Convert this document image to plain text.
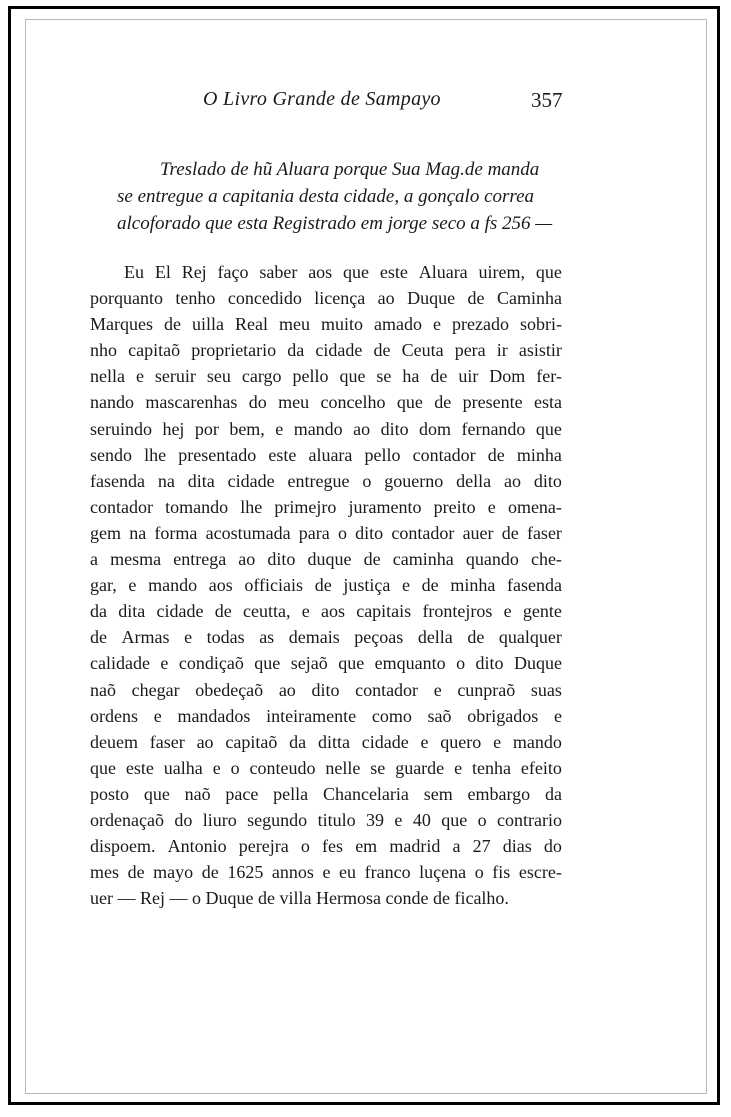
O Livro Grande de Sampayo	357
Treslado de hũ Aluara porque Sua Mag.de manda
se entregue a capitania desta cidade, a gonçalo correa
alcoforado que esta Registrado em jorge seco a fs 256 —
Eu El Rej faço saber aos que este Aluara uirem, que
porquanto tenho concedido licença ao Duque de Caminha
Marques de uilla Real meu muito amado e prezado sobri-
nho capitaõ proprietario da cidade de Ceuta pera ir asistir
nella e seruir seu cargo pello que se ha de uir Dom fer-
nando mascarenhas do meu concelho que de presente esta
seruindo hej por bem, e mando ao dito dom fernando que
sendo lhe presentado este aluara pello contador de minha
fasenda na dita cidade entregue o gouerno della ao dito
contador tomando lhe primejro juramento preito e omena-
gem na forma acostumada para o dito contador auer de faser
a mesma entrega ao dito duque de caminha quando che-
gar, e mando aos officiais de justiça e de minha fasenda
da dita cidade de ceutta, e aos capitais frontejros e gente
de Armas e todas as demais peçoas della de qualquer
calidade e condiçaõ que sejaõ que emquanto o dito Duque
naõ chegar obedeçaõ ao dito contador e cunpraõ suas
ordens e mandados inteiramente como saõ obrigados e
deuem faser ao capitaõ da ditta cidade e quero e mando
que este ualha e o conteudo nelle se guarde e tenha efeito
posto que naõ pace pella Chancelaria sem embargo da
ordenaçaõ do liuro segundo titulo 39 e 40 que o contrario
dispoem. Antonio perejra o fes em madrid a 27 dias do
mes de mayo de 1625 annos e eu franco luçena o fis escre-
uer — Rej — o Duque de villa Hermosa conde de ficalho.
